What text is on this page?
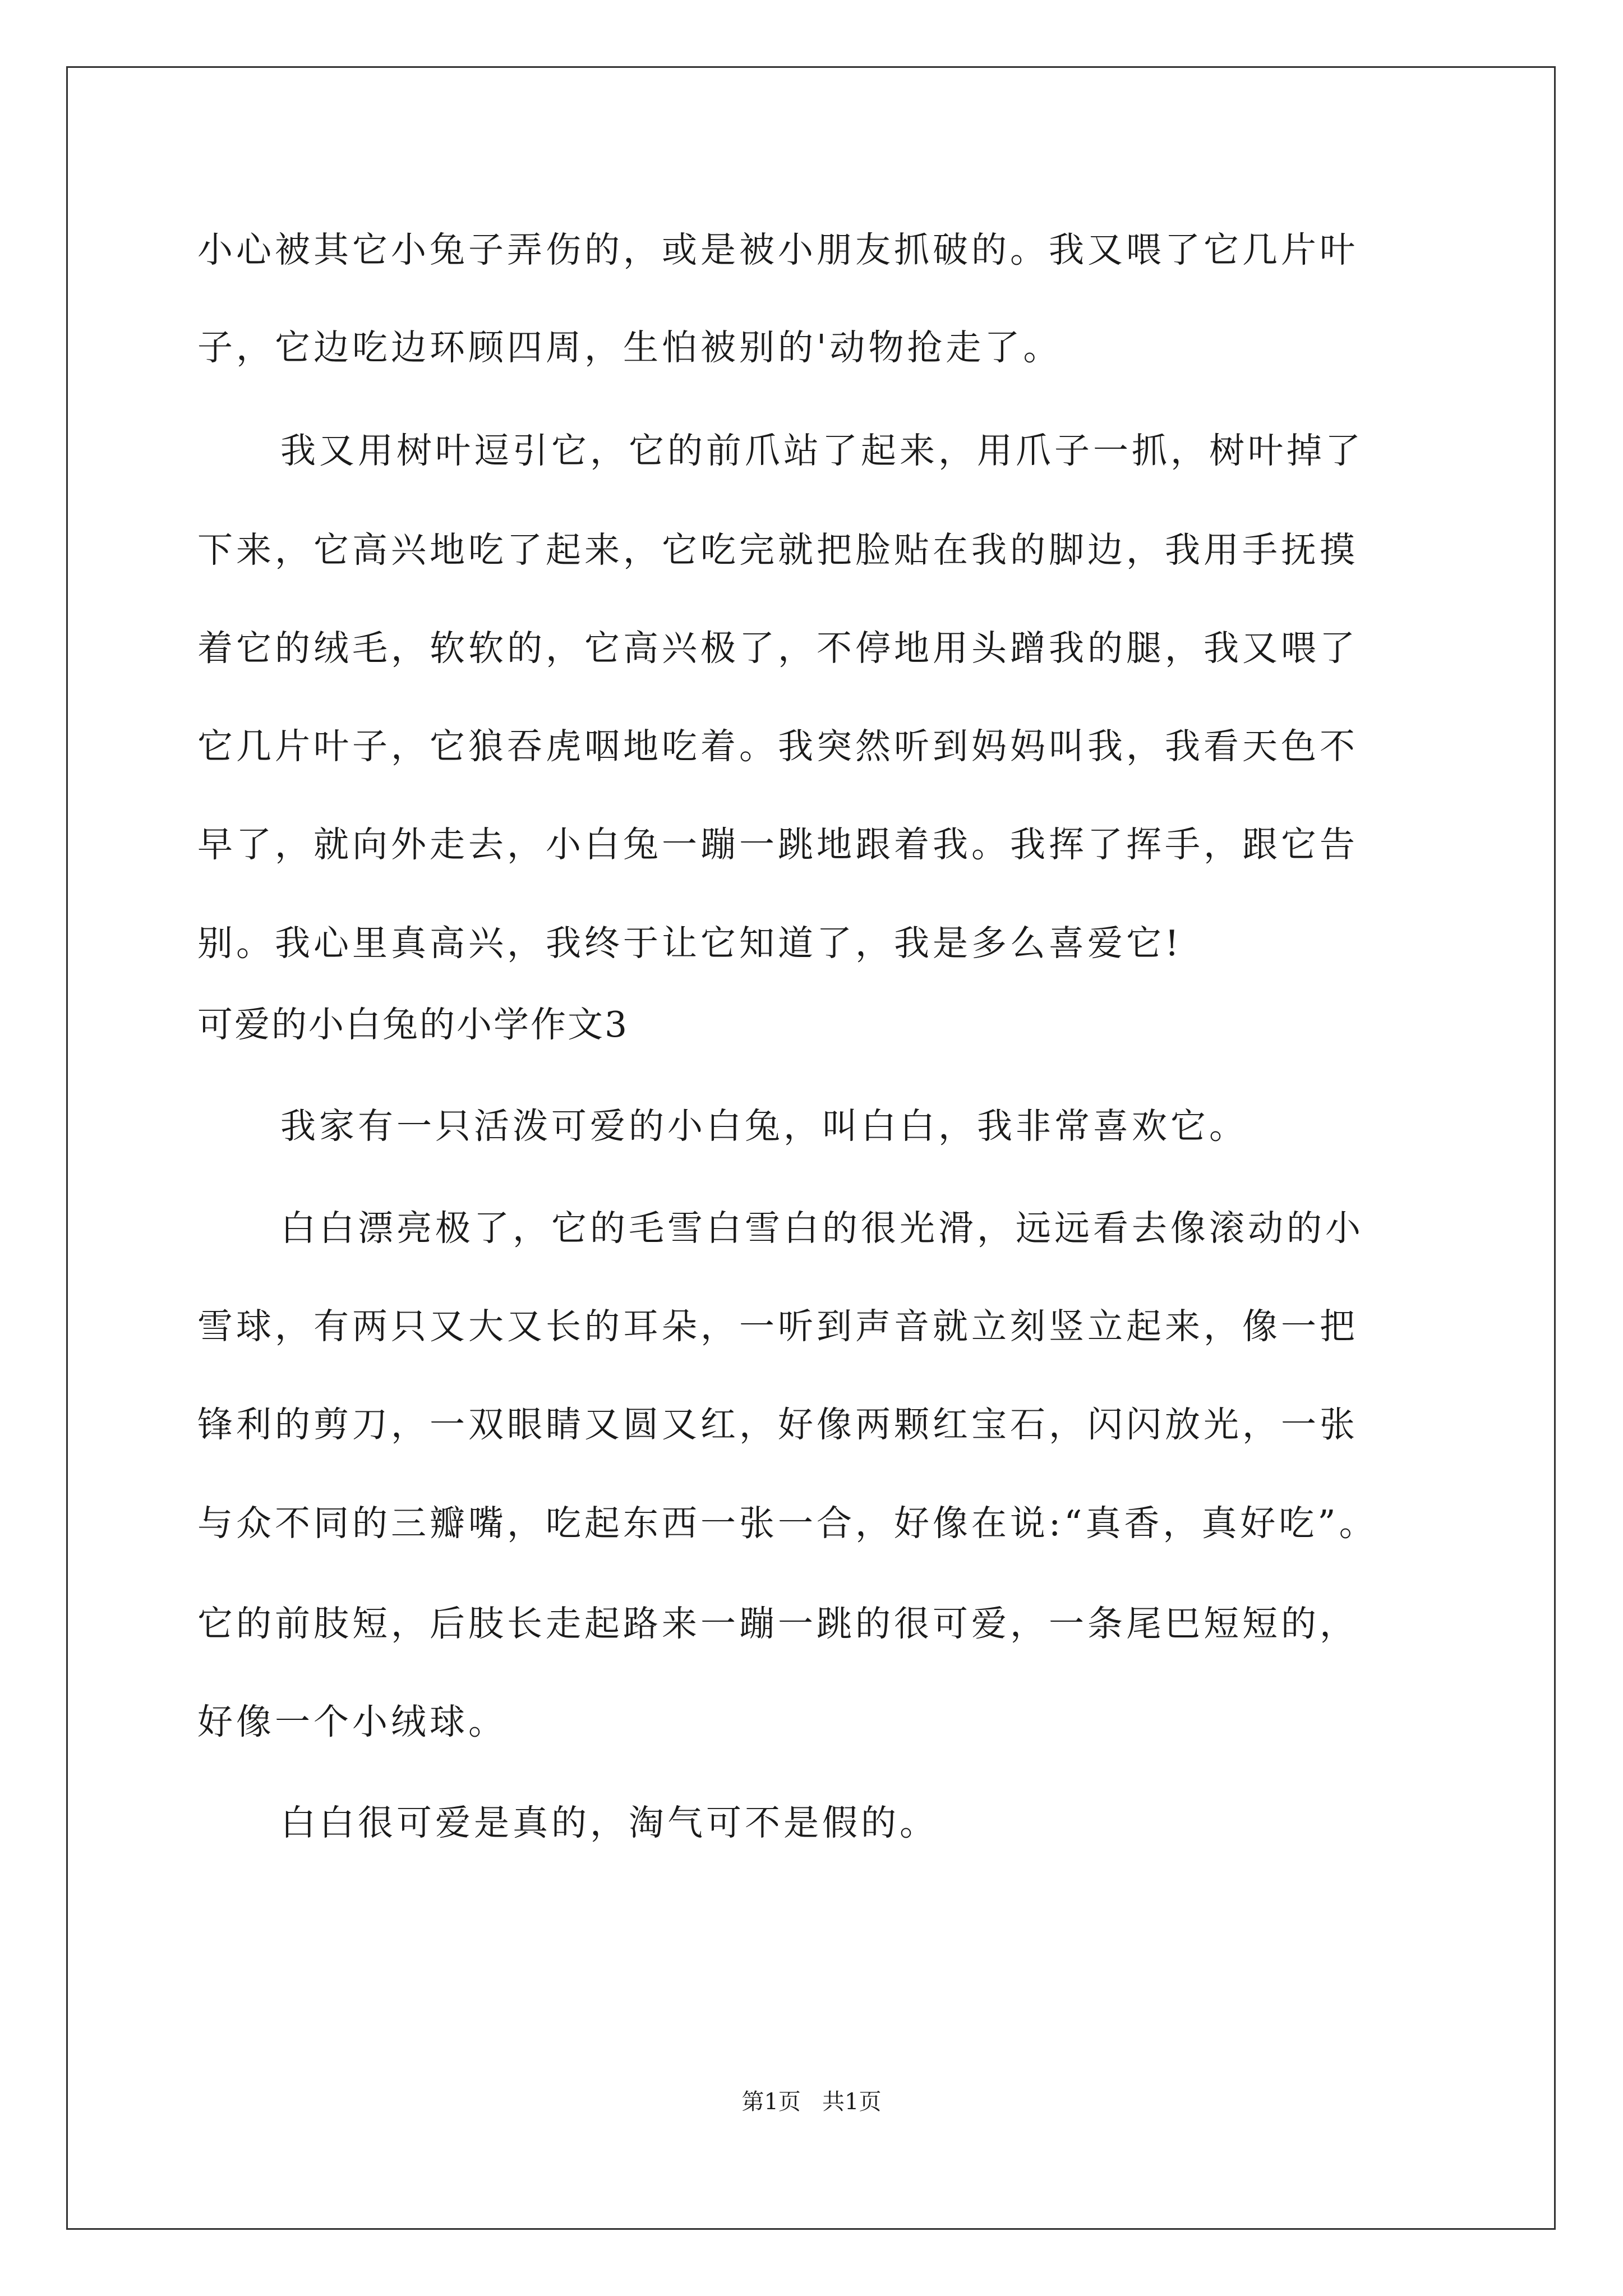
小心被其它小兔子弄伤的，或是被小朋友抓破的。我又喂了它几片叶
子，它边吃边环顾四周，生怕被别的'动物抢走了。
我又用树叶逗引它，它的前爪站了起来，用爪子一抓，树叶掉了
下来，它高兴地吃了起来，它吃完就把脸贴在我的脚边，我用手抚摸
着它的绒毛，软软的，它高兴极了，不停地用头蹭我的腿，我又喂了
它几片叶子，它狼吞虎咽地吃着。我突然听到妈妈叫我，我看天色不
早了，就向外走去，小白兔一蹦一跳地跟着我。我挥了挥手，跟它告
别。我心里真高兴，我终于让它知道了，我是多么喜爱它!
可爱的小白兔的小学作文3
我家有一只活泼可爱的小白兔，叫白白，我非常喜欢它。
白白漂亮极了，它的毛雪白雪白的很光滑，远远看去像滚动的小
雪球，有两只又大又长的耳朵，一听到声音就立刻竖立起来，像一把
锋利的剪刀，一双眼睛又圆又红，好像两颗红宝石，闪闪放光，一张
与众不同的三瓣嘴，吃起东西一张一合，好像在说:“真香，真好吃”。
它的前肢短，后肢长走起路来一蹦一跳的很可爱，一条尾巴短短的，
好像一个小绒球。
白白很可爱是真的，淘气可不是假的。
第1页   共1页
